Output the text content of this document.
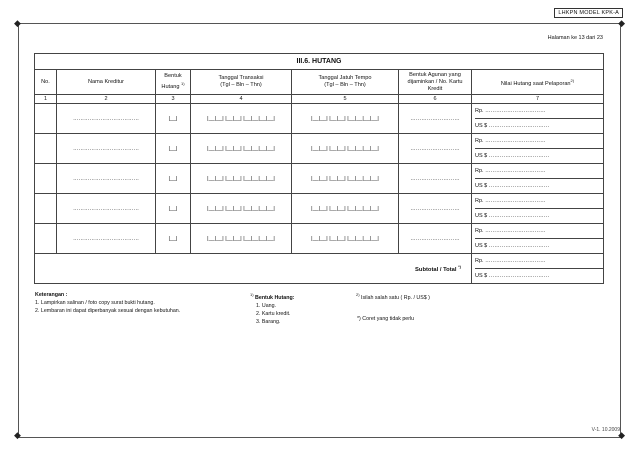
LHKPN MODEL KPK-A
◆	◆
◆	◆
Halaman ke 13 dari 23
III.6. HUTANG						
No.	Nama Kreditur	Bentuk Hutang $^{1)}$	Tanggal Transaksi
(Tgl – Bln – Thn)	Tanggal Jatuh Tempo
(Tgl – Bln – Thn)	Bentuk Agunan yang dijaminkan / No. Kartu Kredit	Nilai Hutang saat Pelaporan$^{2)}$
1	2	3	4	5	6	7
	………………………………	|__|	|__|__| |__|__| |__|__|__|__|	|__|__| |__|__| |__|__|__|__|	………………………	Rp. ……………………………
US $ ……………………………

	………………………………	|__|	|__|__| |__|__| |__|__|__|__|	|__|__| |__|__| |__|__|__|__|	………………………	Rp. ……………………………
US $ ……………………………

	………………………………	|__|	|__|__| |__|__| |__|__|__|__|	|__|__| |__|__| |__|__|__|__|	………………………	Rp. ……………………………
US $ ……………………………

	………………………………	|__|	|__|__| |__|__| |__|__|__|__|	|__|__| |__|__| |__|__|__|__|	………………………	Rp. ……………………………
US $ ……………………………

	………………………………	|__|	|__|__| |__|__| |__|__|__|__|	|__|__| |__|__| |__|__|__|__|	………………………	Rp. ……………………………
US $ ……………………………

Subtotal / Total *)						Rp. ……………………………
US $ ……………………………
Keterangan :
1. Lampirkan salinan / foto copy surat bukti hutang.
2. Lembaran ini dapat diperbanyak sesuai dengan kebutuhan.
$^{1)}$ Bentuk Hutang:
1. Uang.
2. Kartu kredit.
3. Barang.
$^{2)}$ Isilah salah satu ( Rp. / US$ )
*) Coret yang tidak perlu
V-1. 10.2009
